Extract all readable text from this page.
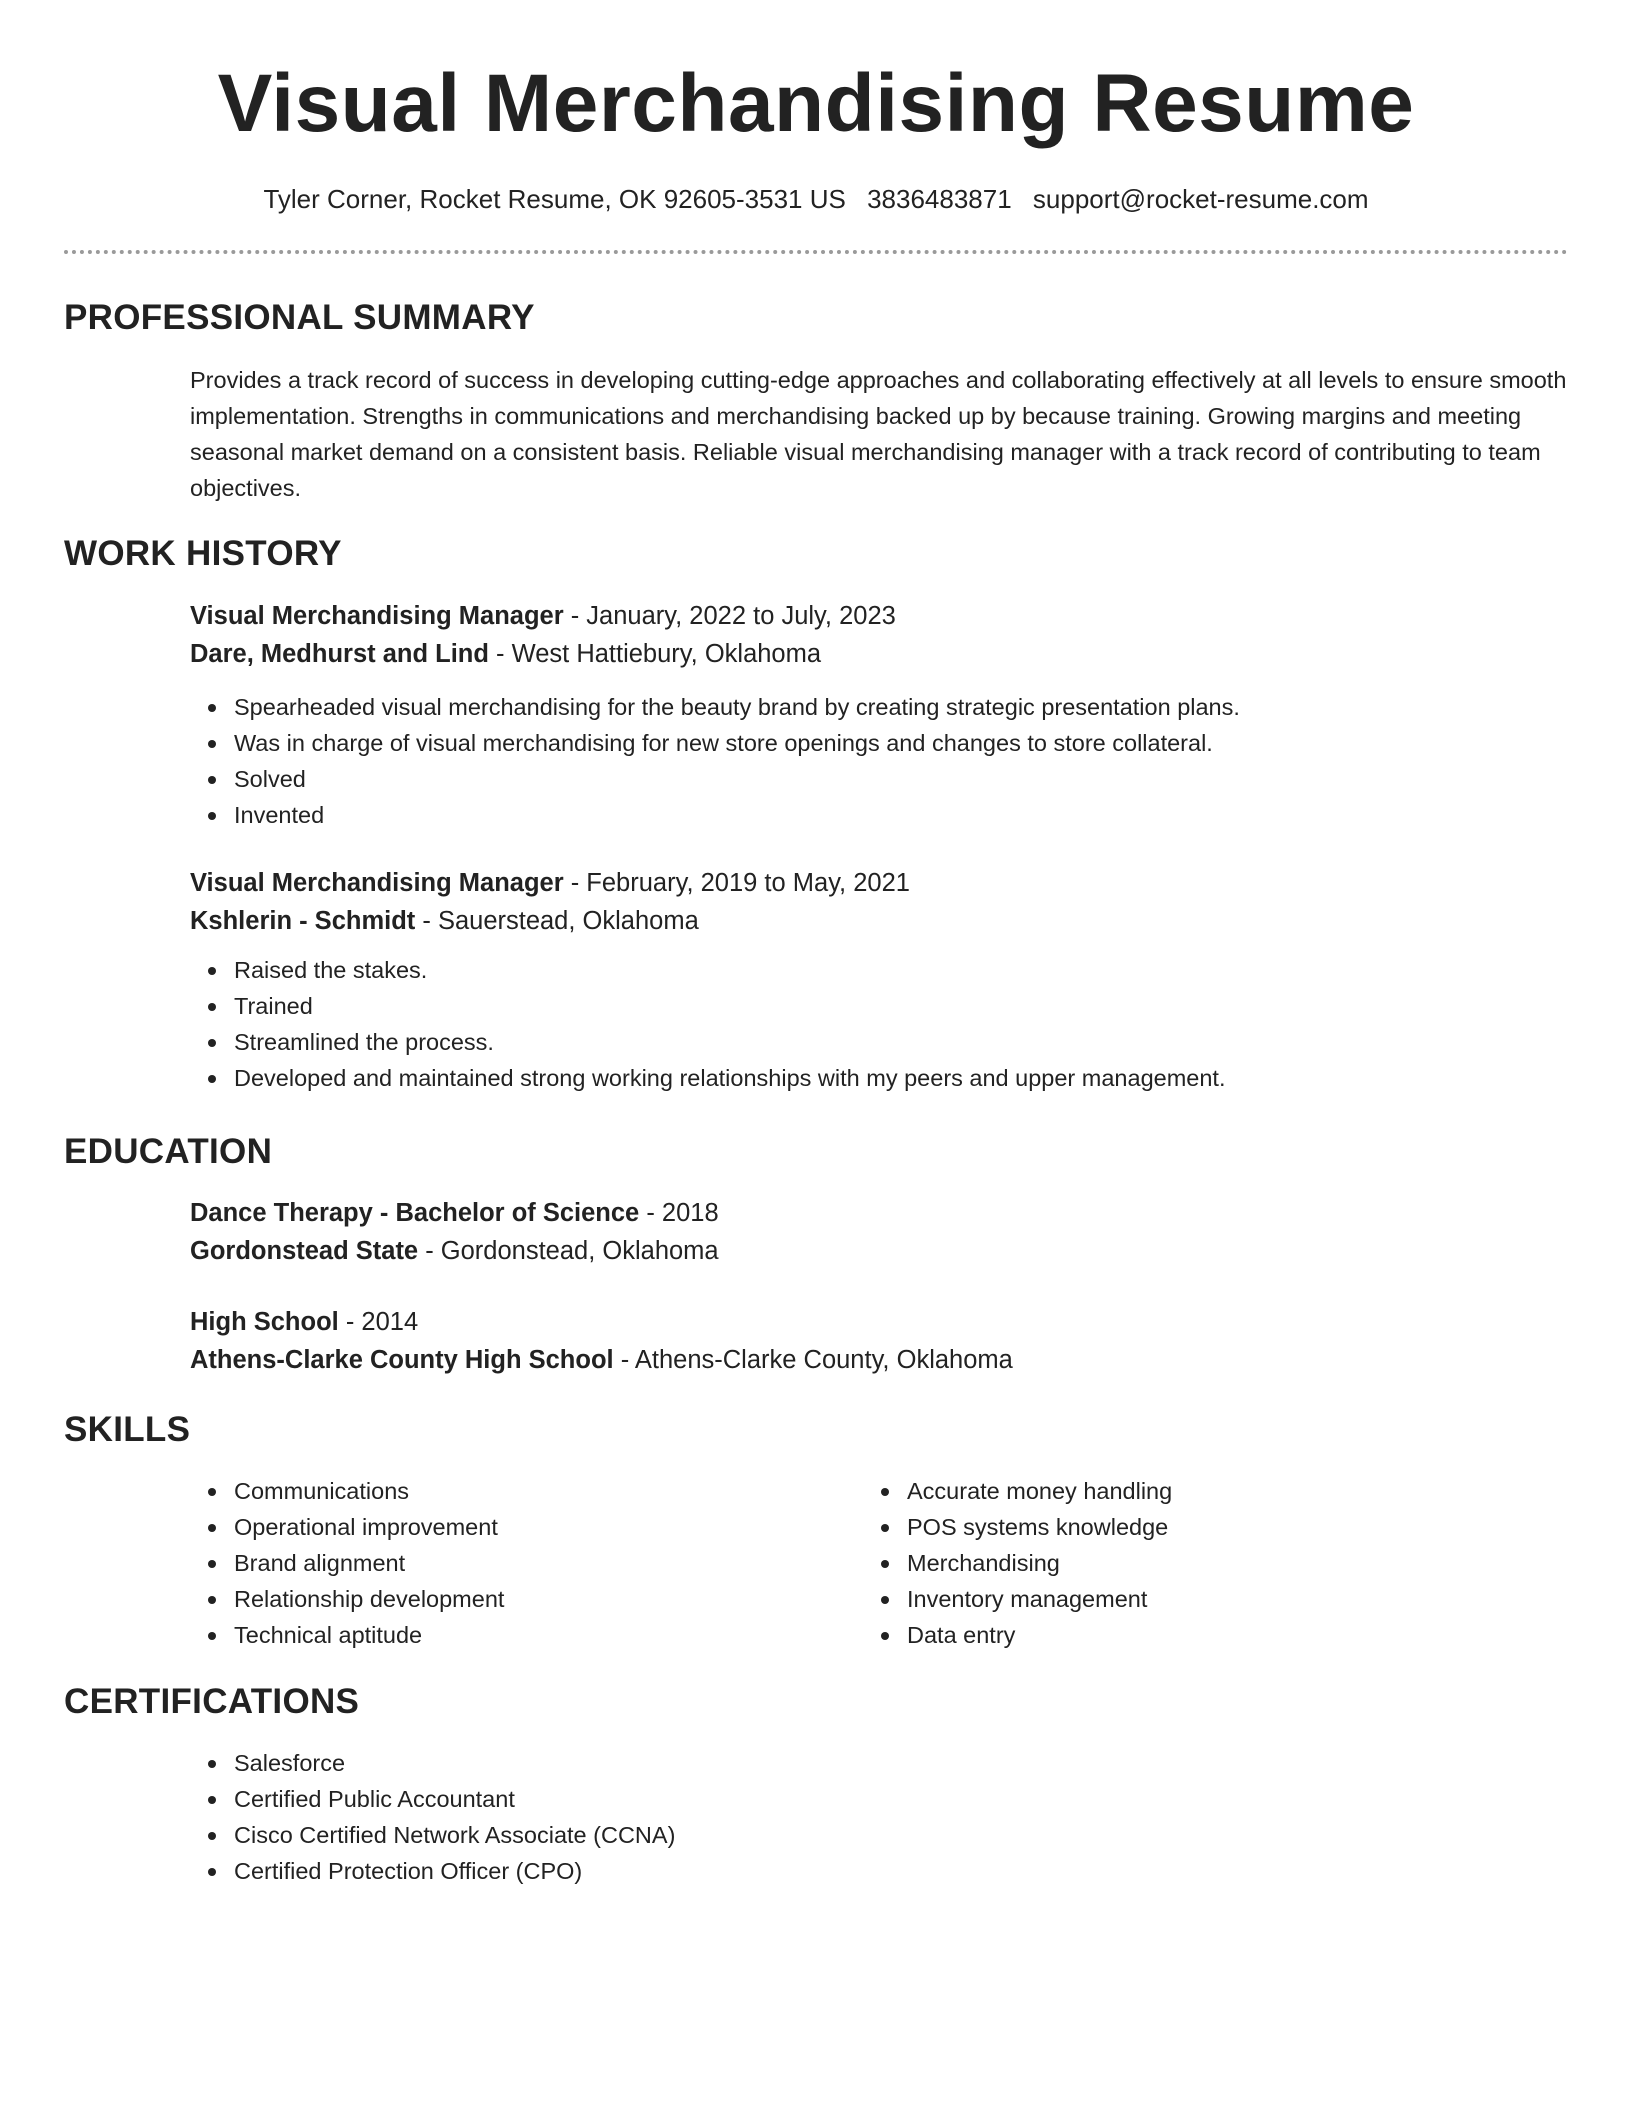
Visual Merchandising Resume
Tyler Corner, Rocket Resume, OK 92605-3531 US 3836483871 support@rocket-resume.com
PROFESSIONAL SUMMARY
Provides a track record of success in developing cutting-edge approaches and collaborating effectively at all levels to ensure smooth implementation. Strengths in communications and merchandising backed up by because training. Growing margins and meeting seasonal market demand on a consistent basis. Reliable visual merchandising manager with a track record of contributing to team objectives.
WORK HISTORY
Visual Merchandising Manager - January, 2022 to July, 2023
Dare, Medhurst and Lind - West Hattiebury, Oklahoma
Spearheaded visual merchandising for the beauty brand by creating strategic presentation plans.
Was in charge of visual merchandising for new store openings and changes to store collateral.
Solved
Invented
Visual Merchandising Manager - February, 2019 to May, 2021
Kshlerin - Schmidt - Sauerstead, Oklahoma
Raised the stakes.
Trained
Streamlined the process.
Developed and maintained strong working relationships with my peers and upper management.
EDUCATION
Dance Therapy - Bachelor of Science - 2018
Gordonstead State - Gordonstead, Oklahoma
High School - 2014
Athens-Clarke County High School - Athens-Clarke County, Oklahoma
SKILLS
Communications
Operational improvement
Brand alignment
Relationship development
Technical aptitude
Accurate money handling
POS systems knowledge
Merchandising
Inventory management
Data entry
CERTIFICATIONS
Salesforce
Certified Public Accountant
Cisco Certified Network Associate (CCNA)
Certified Protection Officer (CPO)
